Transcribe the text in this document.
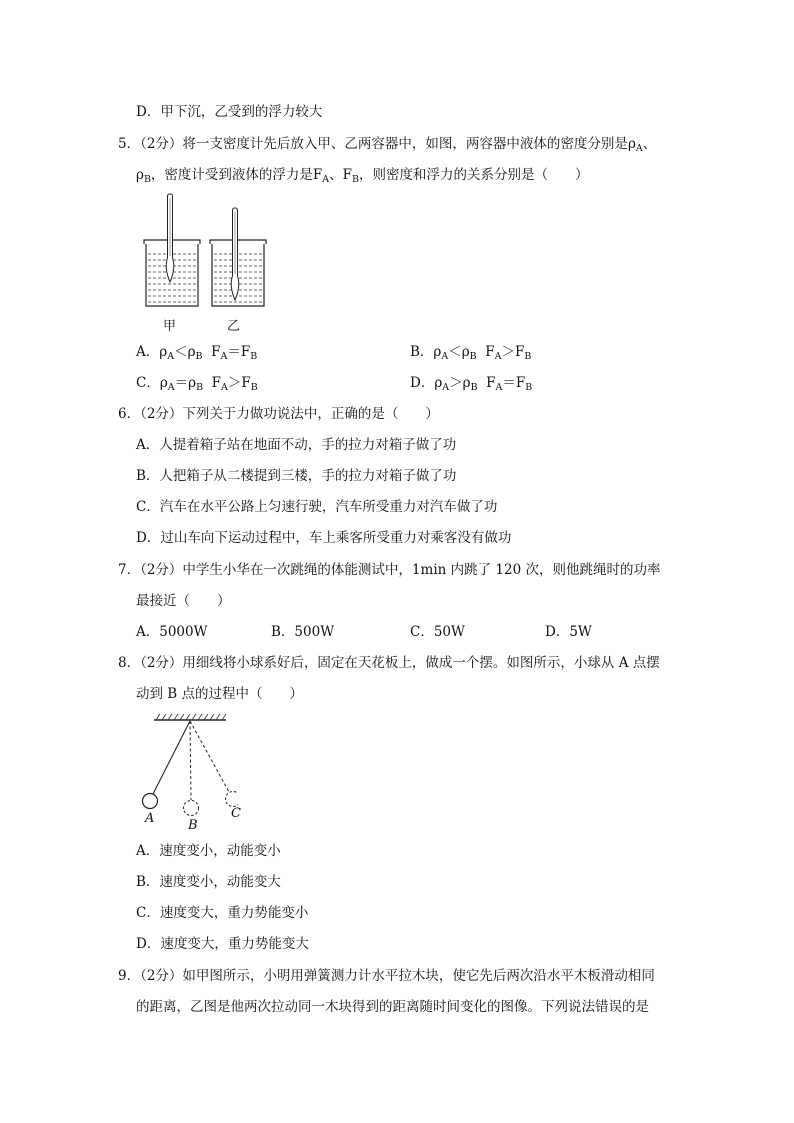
D．甲下沉，乙受到的浮力较大
5．（2分）将一支密度计先后放入甲、乙两容器中，如图，两容器中液体的密度分别是$\rho_A$、
$\rho_B$，密度计受到液体的浮力是$F_A$、$F_B$，则密度和浮力的关系分别是（　　）
甲	乙
A．$\rho_A<\rho_B$ $F_A=F_B$	B．$\rho_A<\rho_B$ $F_A>F_B$
C．$\rho_A=\rho_B$ $F_A>F_B$	D．$\rho_A>\rho_B$ $F_A=F_B$
6．（2分）下列关于力做功说法中，正确的是（　　）
A．人提着箱子站在地面不动，手的拉力对箱子做了功
B．人把箱子从二楼提到三楼，手的拉力对箱子做了功
C．汽车在水平公路上匀速行驶，汽车所受重力对汽车做了功
D．过山车向下运动过程中，车上乘客所受重力对乘客没有做功
7．（2分）中学生小华在一次跳绳的体能测试中，1min 内跳了 120 次，则他跳绳时的功率
最接近（　　）
A．5000W	B．500W	C．50W	D．5W
8．（2分）用细线将小球系好后，固定在天花板上，做成一个摆。如图所示，小球从 A 点摆
动到 B 点的过程中（　　）
A	B
C
A．速度变小，动能变小
B．速度变小，动能变大
C．速度变大，重力势能变小
D．速度变大，重力势能变大
9．（2分）如甲图所示，小明用弹簧测力计水平拉木块，使它先后两次沿水平木板滑动相同
的距离，乙图是他两次拉动同一木块得到的距离随时间变化的图像。下列说法错误的是
